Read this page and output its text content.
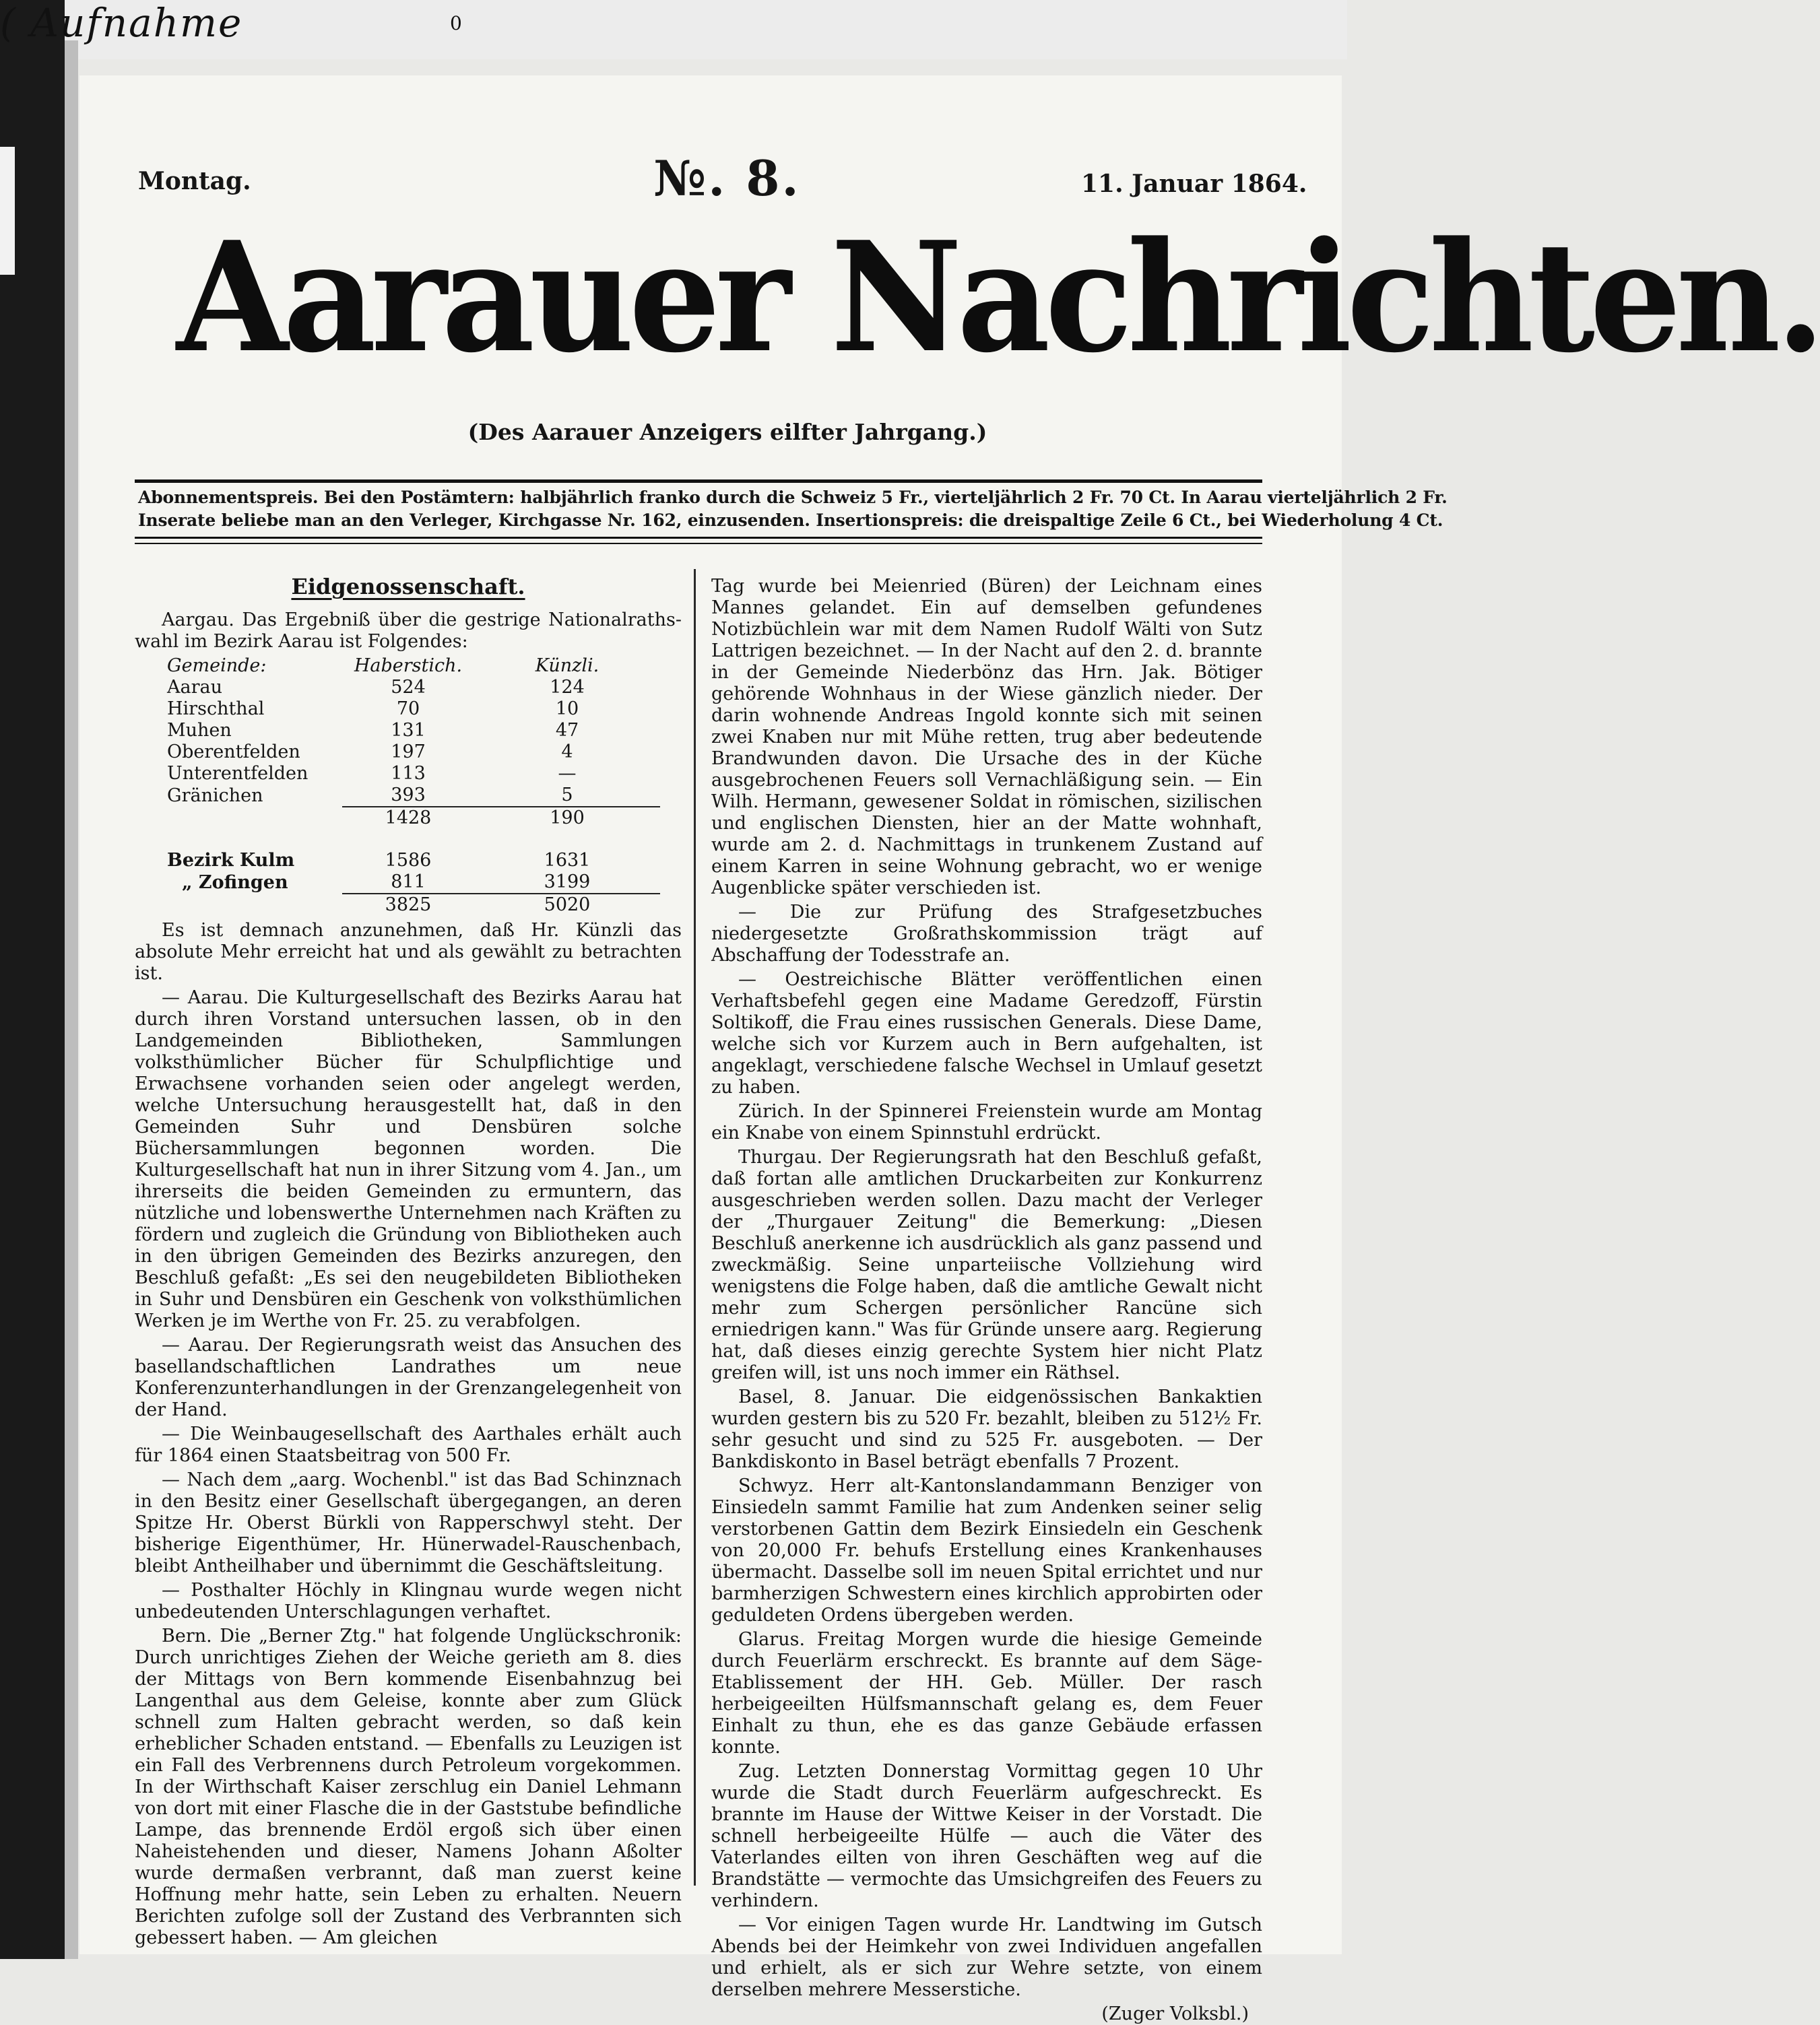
( Aufnahme	0
Montag.	№. 8.	11. Januar 1864.
Aarauer Nachrichten.
(Des Aarauer Anzeigers eilfter Jahrgang.)
Abonnementspreis. Bei den Postämtern: halbjährlich franko durch die Schweiz 5 Fr., vierteljährlich 2 Fr. 70 Ct. In Aarau vierteljährlich 2 Fr.
Inserate beliebe man an den Verleger, Kirchgasse Nr. 162, einzusenden. Insertionspreis: die dreispaltige Zeile 6 Ct., bei Wiederholung 4 Ct.
Eidgenossenschaft.

Aargau. Das Ergebniß über die gestrige Nationalraths-wahl im Bezirk Aarau ist Folgendes:

Gemeinde:	Haberstich.	Künzli.
Aarau	524	124
Hirschthal	70	10
Muhen	131	47
Oberentfelden	197	4
Unterentfelden	113	—
Gränichen	393	5
	1428	190

Bezirk Kulm	1586	1631
„ Zofingen	811	3199
	3825	5020

Es ist demnach anzunehmen, daß Hr. Künzli das absolute Mehr erreicht hat und als gewählt zu betrachten ist.

— Aarau. Die Kulturgesellschaft des Bezirks Aarau hat durch ihren Vorstand untersuchen lassen, ob in den Landgemeinden Bibliotheken, Sammlungen volksthümlicher Bücher für Schulpflichtige und Erwachsene vorhanden seien oder angelegt werden, welche Untersuchung herausgestellt hat, daß in den Gemeinden Suhr und Densbüren solche Büchersammlungen begonnen worden. Die Kulturgesellschaft hat nun in ihrer Sitzung vom 4. Jan., um ihrerseits die beiden Gemeinden zu ermuntern, das nützliche und lobenswerthe Unternehmen nach Kräften zu fördern und zugleich die Gründung von Bibliotheken auch in den übrigen Gemeinden des Bezirks anzuregen, den Beschluß gefaßt: „Es sei den neugebildeten Bibliotheken in Suhr und Densbüren ein Geschenk von volksthümlichen Werken je im Werthe von Fr. 25. zu verabfolgen.

— Aarau. Der Regierungsrath weist das Ansuchen des basellandschaftlichen Landrathes um neue Konferenzunterhandlungen in der Grenzangelegenheit von der Hand.

— Die Weinbaugesellschaft des Aarthales erhält auch für 1864 einen Staatsbeitrag von 500 Fr.

— Nach dem „aarg. Wochenbl." ist das Bad Schinznach in den Besitz einer Gesellschaft übergegangen, an deren Spitze Hr. Oberst Bürkli von Rapperschwyl steht. Der bisherige Eigenthümer, Hr. Hünerwadel-Rauschenbach, bleibt Antheilhaber und übernimmt die Geschäftsleitung.

— Posthalter Höchly in Klingnau wurde wegen nicht unbedeutenden Unterschlagungen verhaftet.

Bern. Die „Berner Ztg." hat folgende Unglückschronik: Durch unrichtiges Ziehen der Weiche gerieth am 8. dies der Mittags von Bern kommende Eisenbahnzug bei Langenthal aus dem Geleise, konnte aber zum Glück schnell zum Halten gebracht werden, so daß kein erheblicher Schaden entstand. — Ebenfalls zu Leuzigen ist ein Fall des Verbrennens durch Petroleum vorgekommen. In der Wirthschaft Kaiser zerschlug ein Daniel Lehmann von dort mit einer Flasche die in der Gaststube befindliche Lampe, das brennende Erdöl ergoß sich über einen Naheistehenden und dieser, Namens Johann Aßolter wurde dermaßen verbrannt, daß man zuerst keine Hoffnung mehr hatte, sein Leben zu erhalten. Neuern Berichten zufolge soll der Zustand des Verbrannten sich gebessert haben. — Am gleichen

Tag wurde bei Meienried (Büren) der Leichnam eines Mannes gelandet. Ein auf demselben gefundenes Notizbüchlein war mit dem Namen Rudolf Wälti von Sutz Lattrigen bezeichnet. — In der Nacht auf den 2. d. brannte in der Gemeinde Niederbönz das Hrn. Jak. Bötiger gehörende Wohnhaus in der Wiese gänzlich nieder. Der darin wohnende Andreas Ingold konnte sich mit seinen zwei Knaben nur mit Mühe retten, trug aber bedeutende Brandwunden davon. Die Ursache des in der Küche ausgebrochenen Feuers soll Vernachläßigung sein. — Ein Wilh. Hermann, gewesener Soldat in römischen, sizilischen und englischen Diensten, hier an der Matte wohnhaft, wurde am 2. d. Nachmittags in trunkenem Zustand auf einem Karren in seine Wohnung gebracht, wo er wenige Augenblicke später verschieden ist.

— Die zur Prüfung des Strafgesetzbuches niedergesetzte Großrathskommission trägt auf Abschaffung der Todesstrafe an.

— Oestreichische Blätter veröffentlichen einen Verhaftsbefehl gegen eine Madame Geredzoff, Fürstin Soltikoff, die Frau eines russischen Generals. Diese Dame, welche sich vor Kurzem auch in Bern aufgehalten, ist angeklagt, verschiedene falsche Wechsel in Umlauf gesetzt zu haben.

Zürich. In der Spinnerei Freienstein wurde am Montag ein Knabe von einem Spinnstuhl erdrückt.

Thurgau. Der Regierungsrath hat den Beschluß gefaßt, daß fortan alle amtlichen Druckarbeiten zur Konkurrenz ausgeschrieben werden sollen. Dazu macht der Verleger der „Thurgauer Zeitung" die Bemerkung: „Diesen Beschluß anerkenne ich ausdrücklich als ganz passend und zweckmäßig. Seine unparteiische Vollziehung wird wenigstens die Folge haben, daß die amtliche Gewalt nicht mehr zum Schergen persönlicher Rancüne sich erniedrigen kann." Was für Gründe unsere aarg. Regierung hat, daß dieses einzig gerechte System hier nicht Platz greifen will, ist uns noch immer ein Räthsel.

Basel, 8. Januar. Die eidgenössischen Bankaktien wurden gestern bis zu 520 Fr. bezahlt, bleiben zu 512½ Fr. sehr gesucht und sind zu 525 Fr. ausgeboten. — Der Bankdiskonto in Basel beträgt ebenfalls 7 Prozent.

Schwyz. Herr alt-Kantonslandammann Benziger von Einsiedeln sammt Familie hat zum Andenken seiner selig verstorbenen Gattin dem Bezirk Einsiedeln ein Geschenk von 20,000 Fr. behufs Erstellung eines Krankenhauses übermacht. Dasselbe soll im neuen Spital errichtet und nur barmherzigen Schwestern eines kirchlich approbirten oder geduldeten Ordens übergeben werden.

Glarus. Freitag Morgen wurde die hiesige Gemeinde durch Feuerlärm erschreckt. Es brannte auf dem Säge-Etablissement der HH. Geb. Müller. Der rasch herbeigeeilten Hülfsmannschaft gelang es, dem Feuer Einhalt zu thun, ehe es das ganze Gebäude erfassen konnte.

Zug. Letzten Donnerstag Vormittag gegen 10 Uhr wurde die Stadt durch Feuerlärm aufgeschreckt. Es brannte im Hause der Wittwe Keiser in der Vorstadt. Die schnell herbeigeeilte Hülfe — auch die Väter des Vaterlandes eilten von ihren Geschäften weg auf die Brandstätte — vermochte das Umsichgreifen des Feuers zu verhindern.

— Vor einigen Tagen wurde Hr. Landtwing im Gutsch Abends bei der Heimkehr von zwei Individuen angefallen und erhielt, als er sich zur Wehre setzte, von einem derselben mehrere Messerstiche.

(Zuger Volksbl.)
